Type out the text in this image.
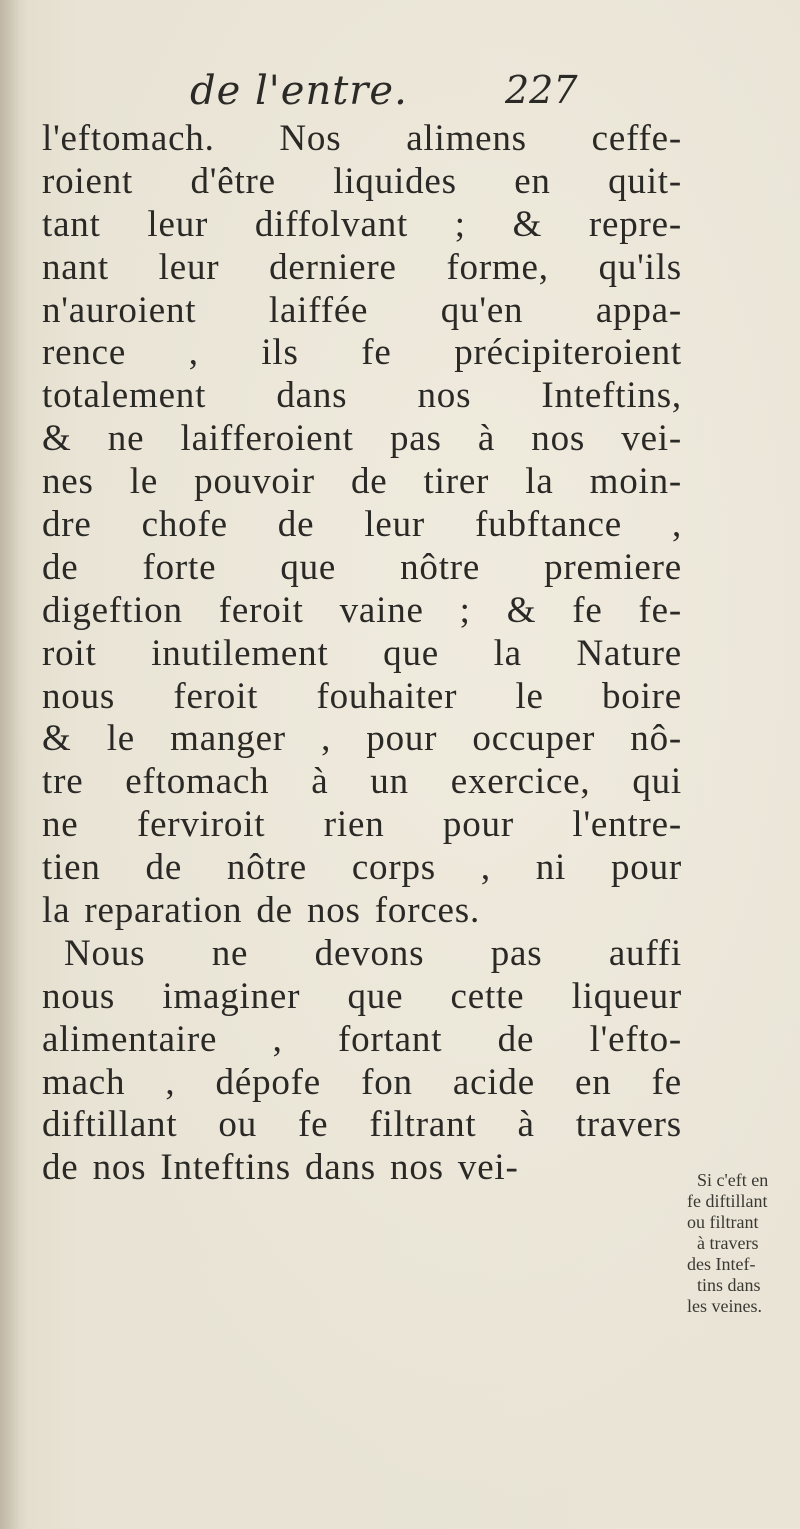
de l'entre.	227
l'eftomach. Nos alimens ceffe-
roient d'être liquides en quit-
tant leur diffolvant ; & repre-
nant leur derniere forme, qu'ils
n'auroient laiffée qu'en appa-
rence , ils fe précipiteroient
totalement dans nos Inteftins,
& ne laifferoient pas à nos vei-
nes le pouvoir de tirer la moin-
dre chofe de leur fubftance ,
de forte que nôtre premiere
digeftion feroit vaine ; & fe fe-
roit inutilement que la Nature
nous feroit fouhaiter le boire
& le manger , pour occuper nô-
tre eftomach à un exercice, qui
ne ferviroit rien pour l'entre-
tien de nôtre corps , ni pour
la reparation de nos forces.
Nous ne devons pas auffi
nous imaginer que cette liqueur
alimentaire , fortant de l'efto-
mach , dépofe fon acide en fe
diftillant ou fe filtrant à travers
de nos Inteftins dans nos vei-	Si c'eft en
fe diftillant
ou filtrant
à travers
des Intef-
tins dans
les veines.
